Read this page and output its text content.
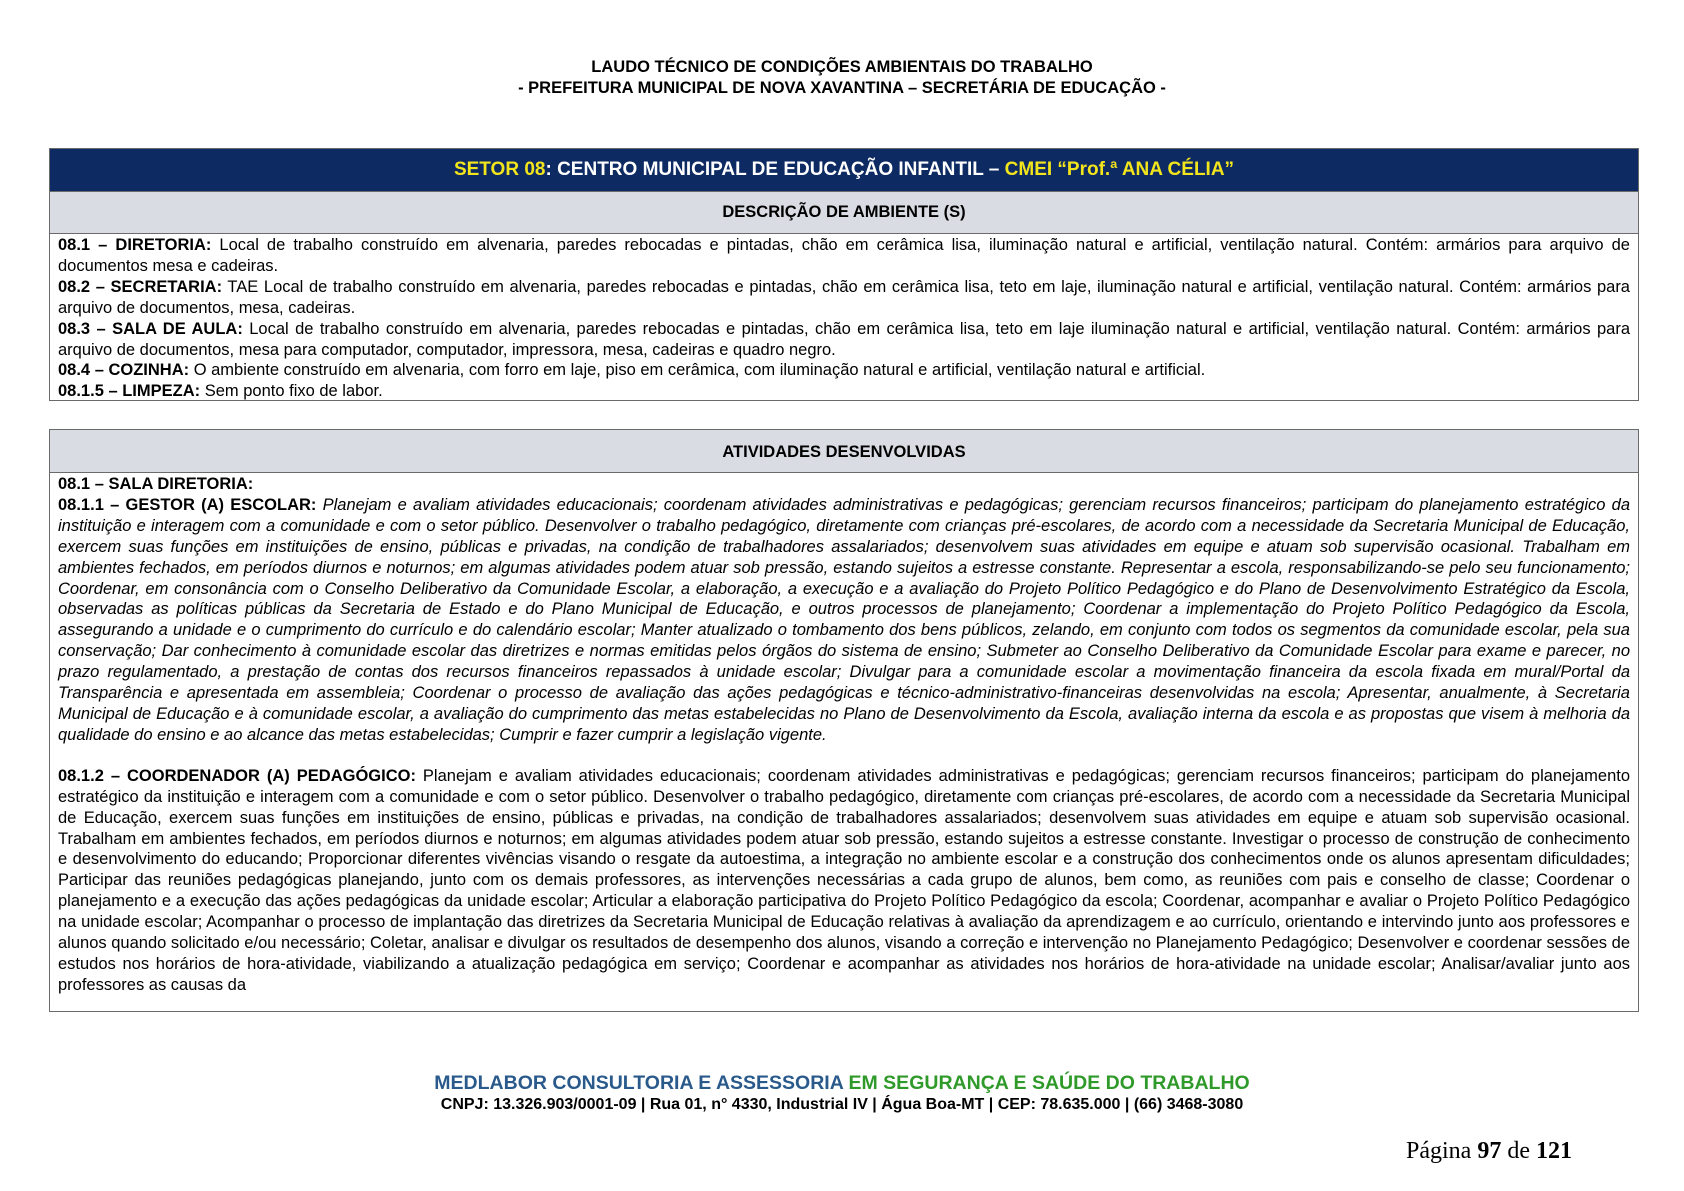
LAUDO TÉCNICO DE CONDIÇÕES AMBIENTAIS DO TRABALHO
- PREFEITURA MUNICIPAL DE NOVA XAVANTINA – SECRETÁRIA DE EDUCAÇÃO -
SETOR 08: CENTRO MUNICIPAL DE EDUCAÇÃO INFANTIL – CMEI “Prof.ª ANA CÉLIA”
DESCRIÇÃO DE AMBIENTE (S)

08.1 – DIRETORIA: Local de trabalho construído em alvenaria, paredes rebocadas e pintadas, chão em cerâmica lisa, iluminação natural e artificial, ventilação natural. Contém: armários para arquivo de documentos mesa e cadeiras.

08.2 – SECRETARIA: TAE Local de trabalho construído em alvenaria, paredes rebocadas e pintadas, chão em cerâmica lisa, teto em laje, iluminação natural e artificial, ventilação natural. Contém: armários para arquivo de documentos, mesa, cadeiras.

08.3 – SALA DE AULA: Local de trabalho construído em alvenaria, paredes rebocadas e pintadas, chão em cerâmica lisa, teto em laje iluminação natural e artificial, ventilação natural. Contém: armários para arquivo de documentos, mesa para computador, computador, impressora, mesa, cadeiras e quadro negro.

08.4 – COZINHA: O ambiente construído em alvenaria, com forro em laje, piso em cerâmica, com iluminação natural e artificial, ventilação natural e artificial.

08.1.5 – LIMPEZA: Sem ponto fixo de labor.

ATIVIDADES DESENVOLVIDAS

08.1 – SALA DIRETORIA:

08.1.1 – GESTOR (A) ESCOLAR: Planejam e avaliam atividades educacionais; coordenam atividades administrativas e pedagógicas; gerenciam recursos financeiros; participam do planejamento estratégico da instituição e interagem com a comunidade e com o setor público. Desenvolver o trabalho pedagógico, diretamente com crianças pré-escolares, de acordo com a necessidade da Secretaria Municipal de Educação, exercem suas funções em instituições de ensino, públicas e privadas, na condição de trabalhadores assalariados; desenvolvem suas atividades em equipe e atuam sob supervisão ocasional. Trabalham em ambientes fechados, em períodos diurnos e noturnos; em algumas atividades podem atuar sob pressão, estando sujeitos a estresse constante. Representar a escola, responsabilizando-se pelo seu funcionamento; Coordenar, em consonância com o Conselho Deliberativo da Comunidade Escolar, a elaboração, a execução e a avaliação do Projeto Político Pedagógico e do Plano de Desenvolvimento Estratégico da Escola, observadas as políticas públicas da Secretaria de Estado e do Plano Municipal de Educação, e outros processos de planejamento; Coordenar a implementação do Projeto Político Pedagógico da Escola, assegurando a unidade e o cumprimento do currículo e do calendário escolar; Manter atualizado o tombamento dos bens públicos, zelando, em conjunto com todos os segmentos da comunidade escolar, pela sua conservação; Dar conhecimento à comunidade escolar das diretrizes e normas emitidas pelos órgãos do sistema de ensino; Submeter ao Conselho Deliberativo da Comunidade Escolar para exame e parecer, no prazo regulamentado, a prestação de contas dos recursos financeiros repassados à unidade escolar; Divulgar para a comunidade escolar a movimentação financeira da escola fixada em mural/Portal da Transparência e apresentada em assembleia; Coordenar o processo de avaliação das ações pedagógicas e técnico-administrativo-financeiras desenvolvidas na escola; Apresentar, anualmente, à Secretaria Municipal de Educação e à comunidade escolar, a avaliação do cumprimento das metas estabelecidas no Plano de Desenvolvimento da Escola, avaliação interna da escola e as propostas que visem à melhoria da qualidade do ensino e ao alcance das metas estabelecidas; Cumprir e fazer cumprir a legislação vigente.

08.1.2 – COORDENADOR (A) PEDAGÓGICO: Planejam e avaliam atividades educacionais; coordenam atividades administrativas e pedagógicas; gerenciam recursos financeiros; participam do planejamento estratégico da instituição e interagem com a comunidade e com o setor público. Desenvolver o trabalho pedagógico, diretamente com crianças pré-escolares, de acordo com a necessidade da Secretaria Municipal de Educação, exercem suas funções em instituições de ensino, públicas e privadas, na condição de trabalhadores assalariados; desenvolvem suas atividades em equipe e atuam sob supervisão ocasional. Trabalham em ambientes fechados, em períodos diurnos e noturnos; em algumas atividades podem atuar sob pressão, estando sujeitos a estresse constante. Investigar o processo de construção de conhecimento e desenvolvimento do educando; Proporcionar diferentes vivências visando o resgate da autoestima, a integração no ambiente escolar e a construção dos conhecimentos onde os alunos apresentam dificuldades; Participar das reuniões pedagógicas planejando, junto com os demais professores, as intervenções necessárias a cada grupo de alunos, bem como, as reuniões com pais e conselho de classe; Coordenar o planejamento e a execução das ações pedagógicas da unidade escolar; Articular a elaboração participativa do Projeto Político Pedagógico da escola; Coordenar, acompanhar e avaliar o Projeto Político Pedagógico na unidade escolar; Acompanhar o processo de implantação das diretrizes da Secretaria Municipal de Educação relativas à avaliação da aprendizagem e ao currículo, orientando e intervindo junto aos professores e alunos quando solicitado e/ou necessário; Coletar, analisar e divulgar os resultados de desempenho dos alunos, visando a correção e intervenção no Planejamento Pedagógico; Desenvolver e coordenar sessões de estudos nos horários de hora-atividade, viabilizando a atualização pedagógica em serviço; Coordenar e acompanhar as atividades nos horários de hora-atividade na unidade escolar; Analisar/avaliar junto aos professores as causas da

MEDLABOR CONSULTORIA E ASSESSORIA EM SEGURANÇA E SAÚDE DO TRABALHO
CNPJ: 13.326.903/0001-09 | Rua 01, n° 4330, Industrial IV | Água Boa-MT | CEP: 78.635.000 | (66) 3468-3080
Página 97 de 121
